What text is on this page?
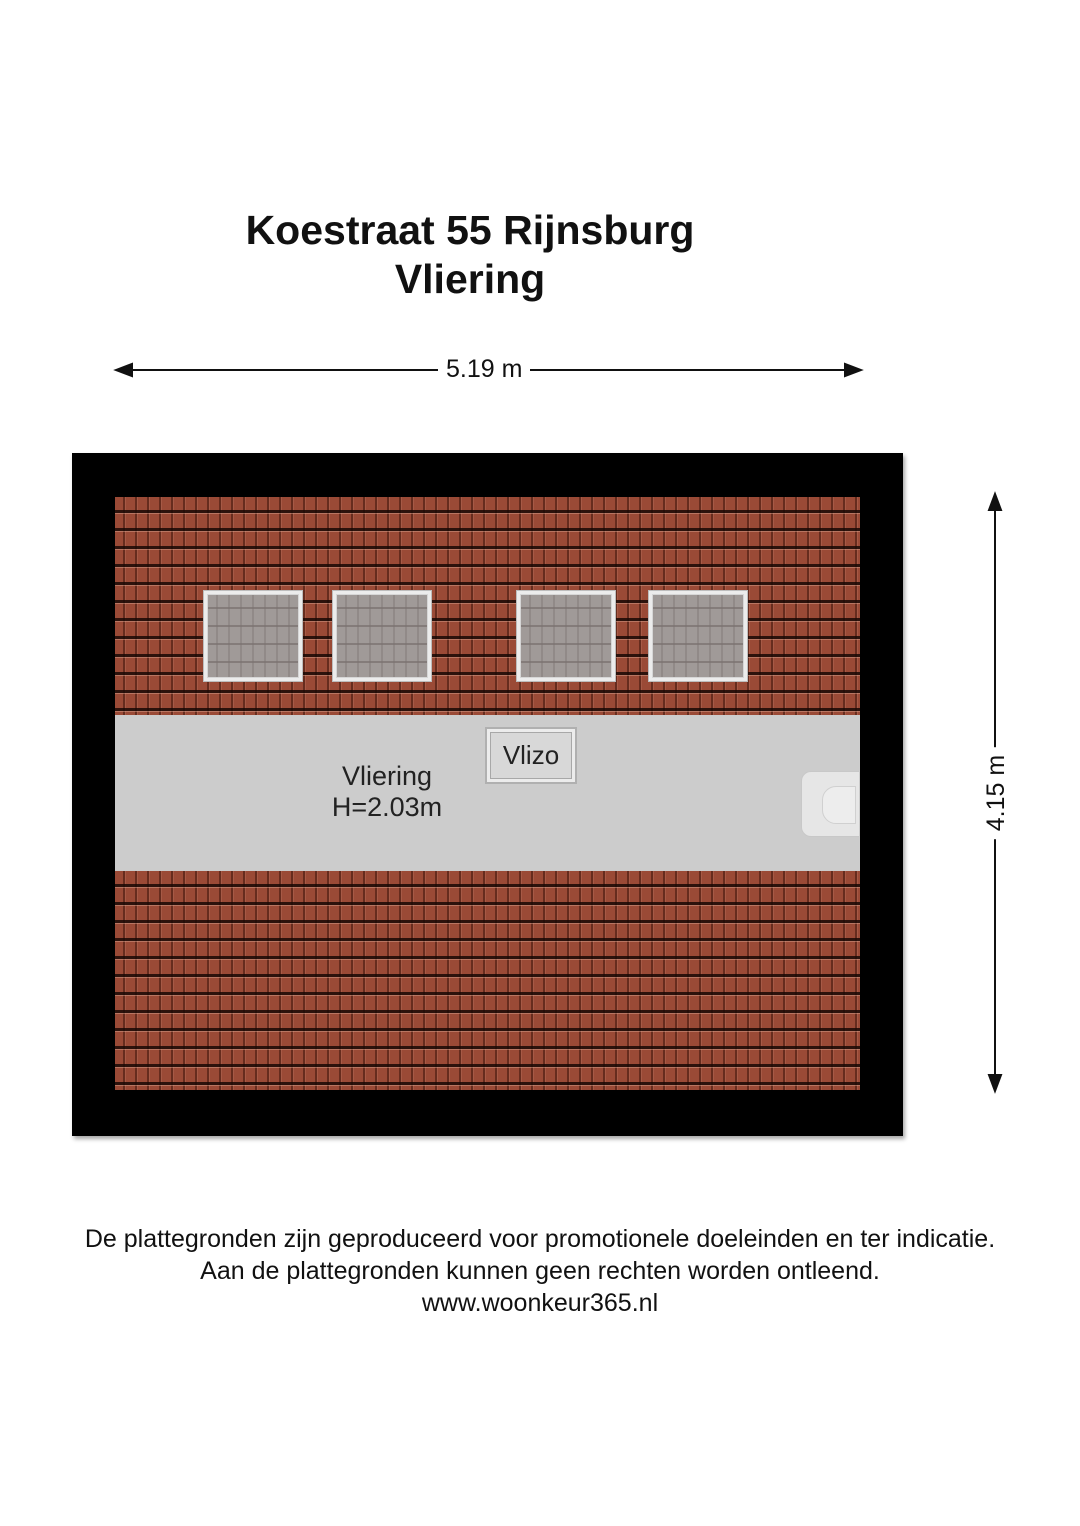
Koestraat 55 Rijnsburg
Vliering
5.19 m
4.15 m
Vliering
H=2.03m
Vlizo
De plattegronden zijn geproduceerd voor promotionele doeleinden en ter indicatie.
Aan de plattegronden kunnen geen rechten worden ontleend.
www.woonkeur365.nl
